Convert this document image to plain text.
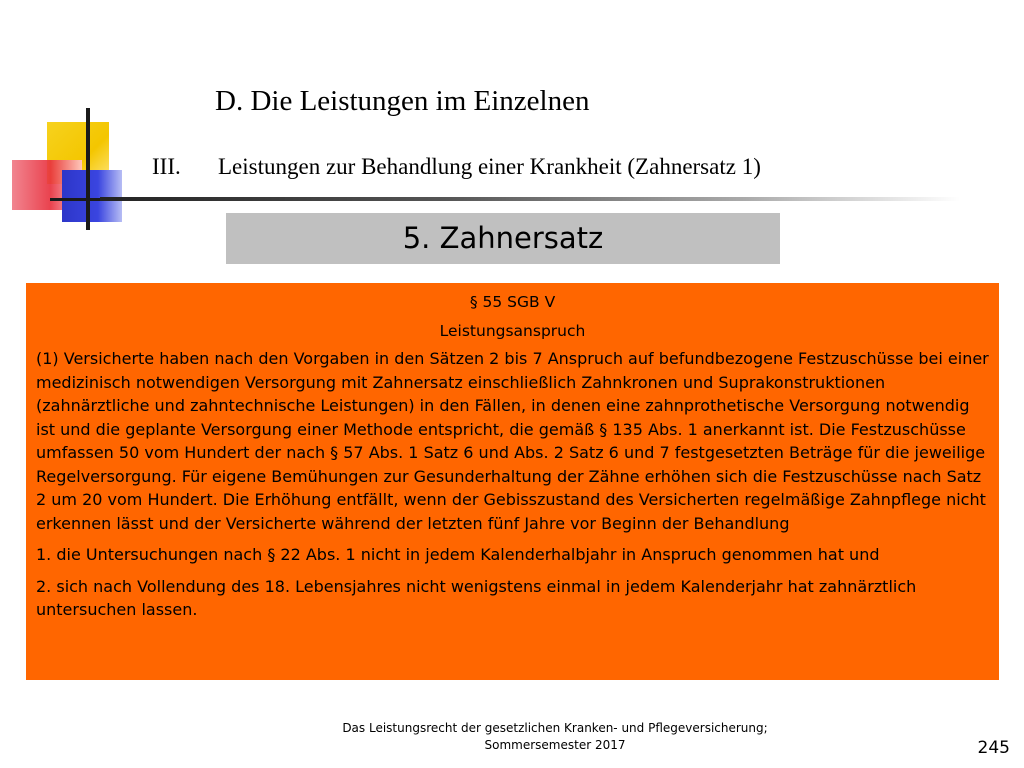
D. Die Leistungen im Einzelnen
III. Leistungen zur Behandlung einer Krankheit (Zahnersatz 1)
5. Zahnersatz
§ 55 SGB V
Leistungsanspruch

(1) Versicherte haben nach den Vorgaben in den Sätzen 2 bis 7 Anspruch auf befundbezogene Festzuschüsse bei einer medizinisch notwendigen Versorgung mit Zahnersatz einschließlich Zahnkronen und Suprakonstruktionen (zahnärztliche und zahntechnische Leistungen) in den Fällen, in denen eine zahnprothetische Versorgung notwendig ist und die geplante Versorgung einer Methode entspricht, die gemäß § 135 Abs. 1 anerkannt ist. Die Festzuschüsse umfassen 50 vom Hundert der nach § 57 Abs. 1 Satz 6 und Abs. 2 Satz 6 und 7 festgesetzten Beträge für die jeweilige Regelversorgung. Für eigene Bemühungen zur Gesunderhaltung der Zähne erhöhen sich die Festzuschüsse nach Satz 2 um 20 vom Hundert. Die Erhöhung entfällt, wenn der Gebisszustand des Versicherten regelmäßige Zahnpflege nicht erkennen lässt und der Versicherte während der letzten fünf Jahre vor Beginn der Behandlung

1. die Untersuchungen nach § 22 Abs. 1 nicht in jedem Kalenderhalbjahr in Anspruch genommen hat und

2. sich nach Vollendung des 18. Lebensjahres nicht wenigstens einmal in jedem Kalenderjahr hat zahnärztlich untersuchen lassen.

Das Leistungsrecht der gesetzlichen Kranken- und Pflegeversicherung;
Sommersemester 2017	245
